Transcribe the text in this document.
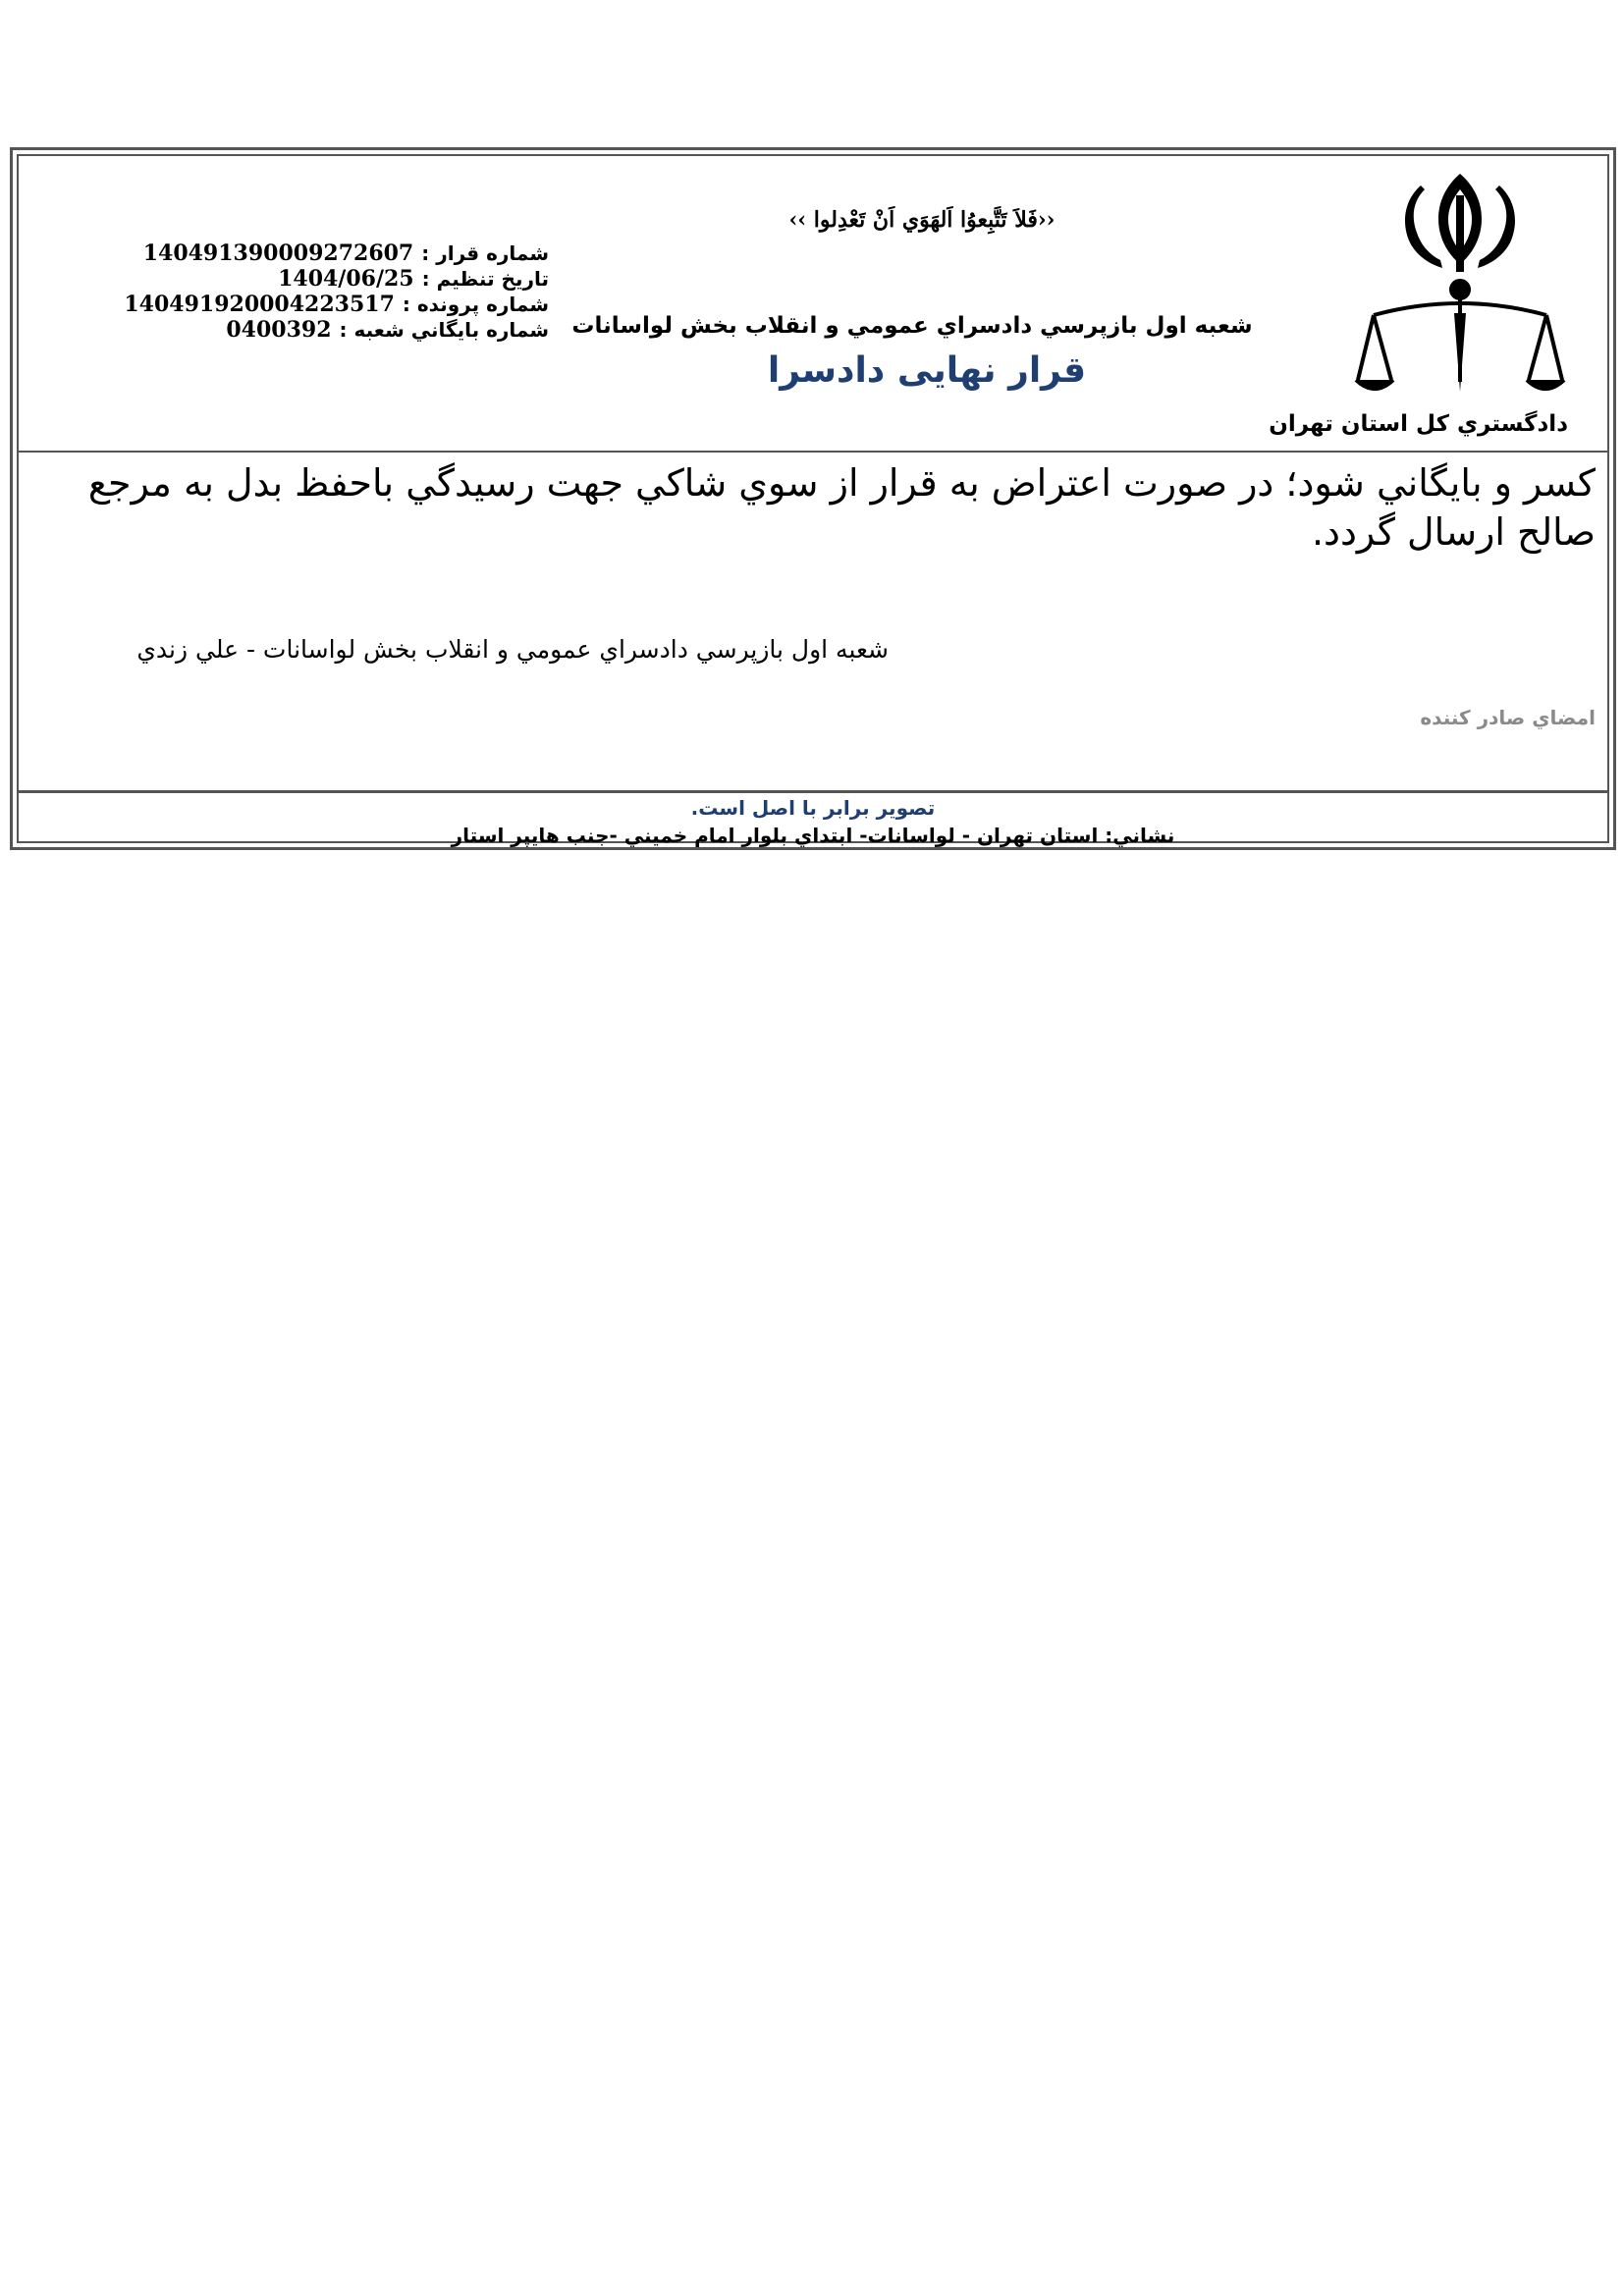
دادگستري كل استان تهران
‹‹فَلاَ تَتَّبِعوُا اَلهَوَي اَنْ تَعْدِلوا ››
شعبه اول بازپرسي دادسراي عمومي و انقلاب بخش لواسانات
قرار نهایی دادسرا
شماره قرار :
140491390009272607
تاريخ تنظيم :
1404/06/25
شماره پرونده :
140491920004223517
شماره بايگاني شعبه :
0400392
كسر و بايگاني شود؛ در صورت اعتراض به قرار از سوي شاكي جهت رسيدگي باحفظ بدل به مرجع صالح ارسال گردد.
شعبه اول بازپرسي دادسراي عمومي و انقلاب بخش لواسانات - علي زندي
امضاي صادر كننده
تصوير برابر با اصل است.
نشاني: استان تهران - لواسانات- ابتداي بلوار امام خميني -جنب هايپر استار
